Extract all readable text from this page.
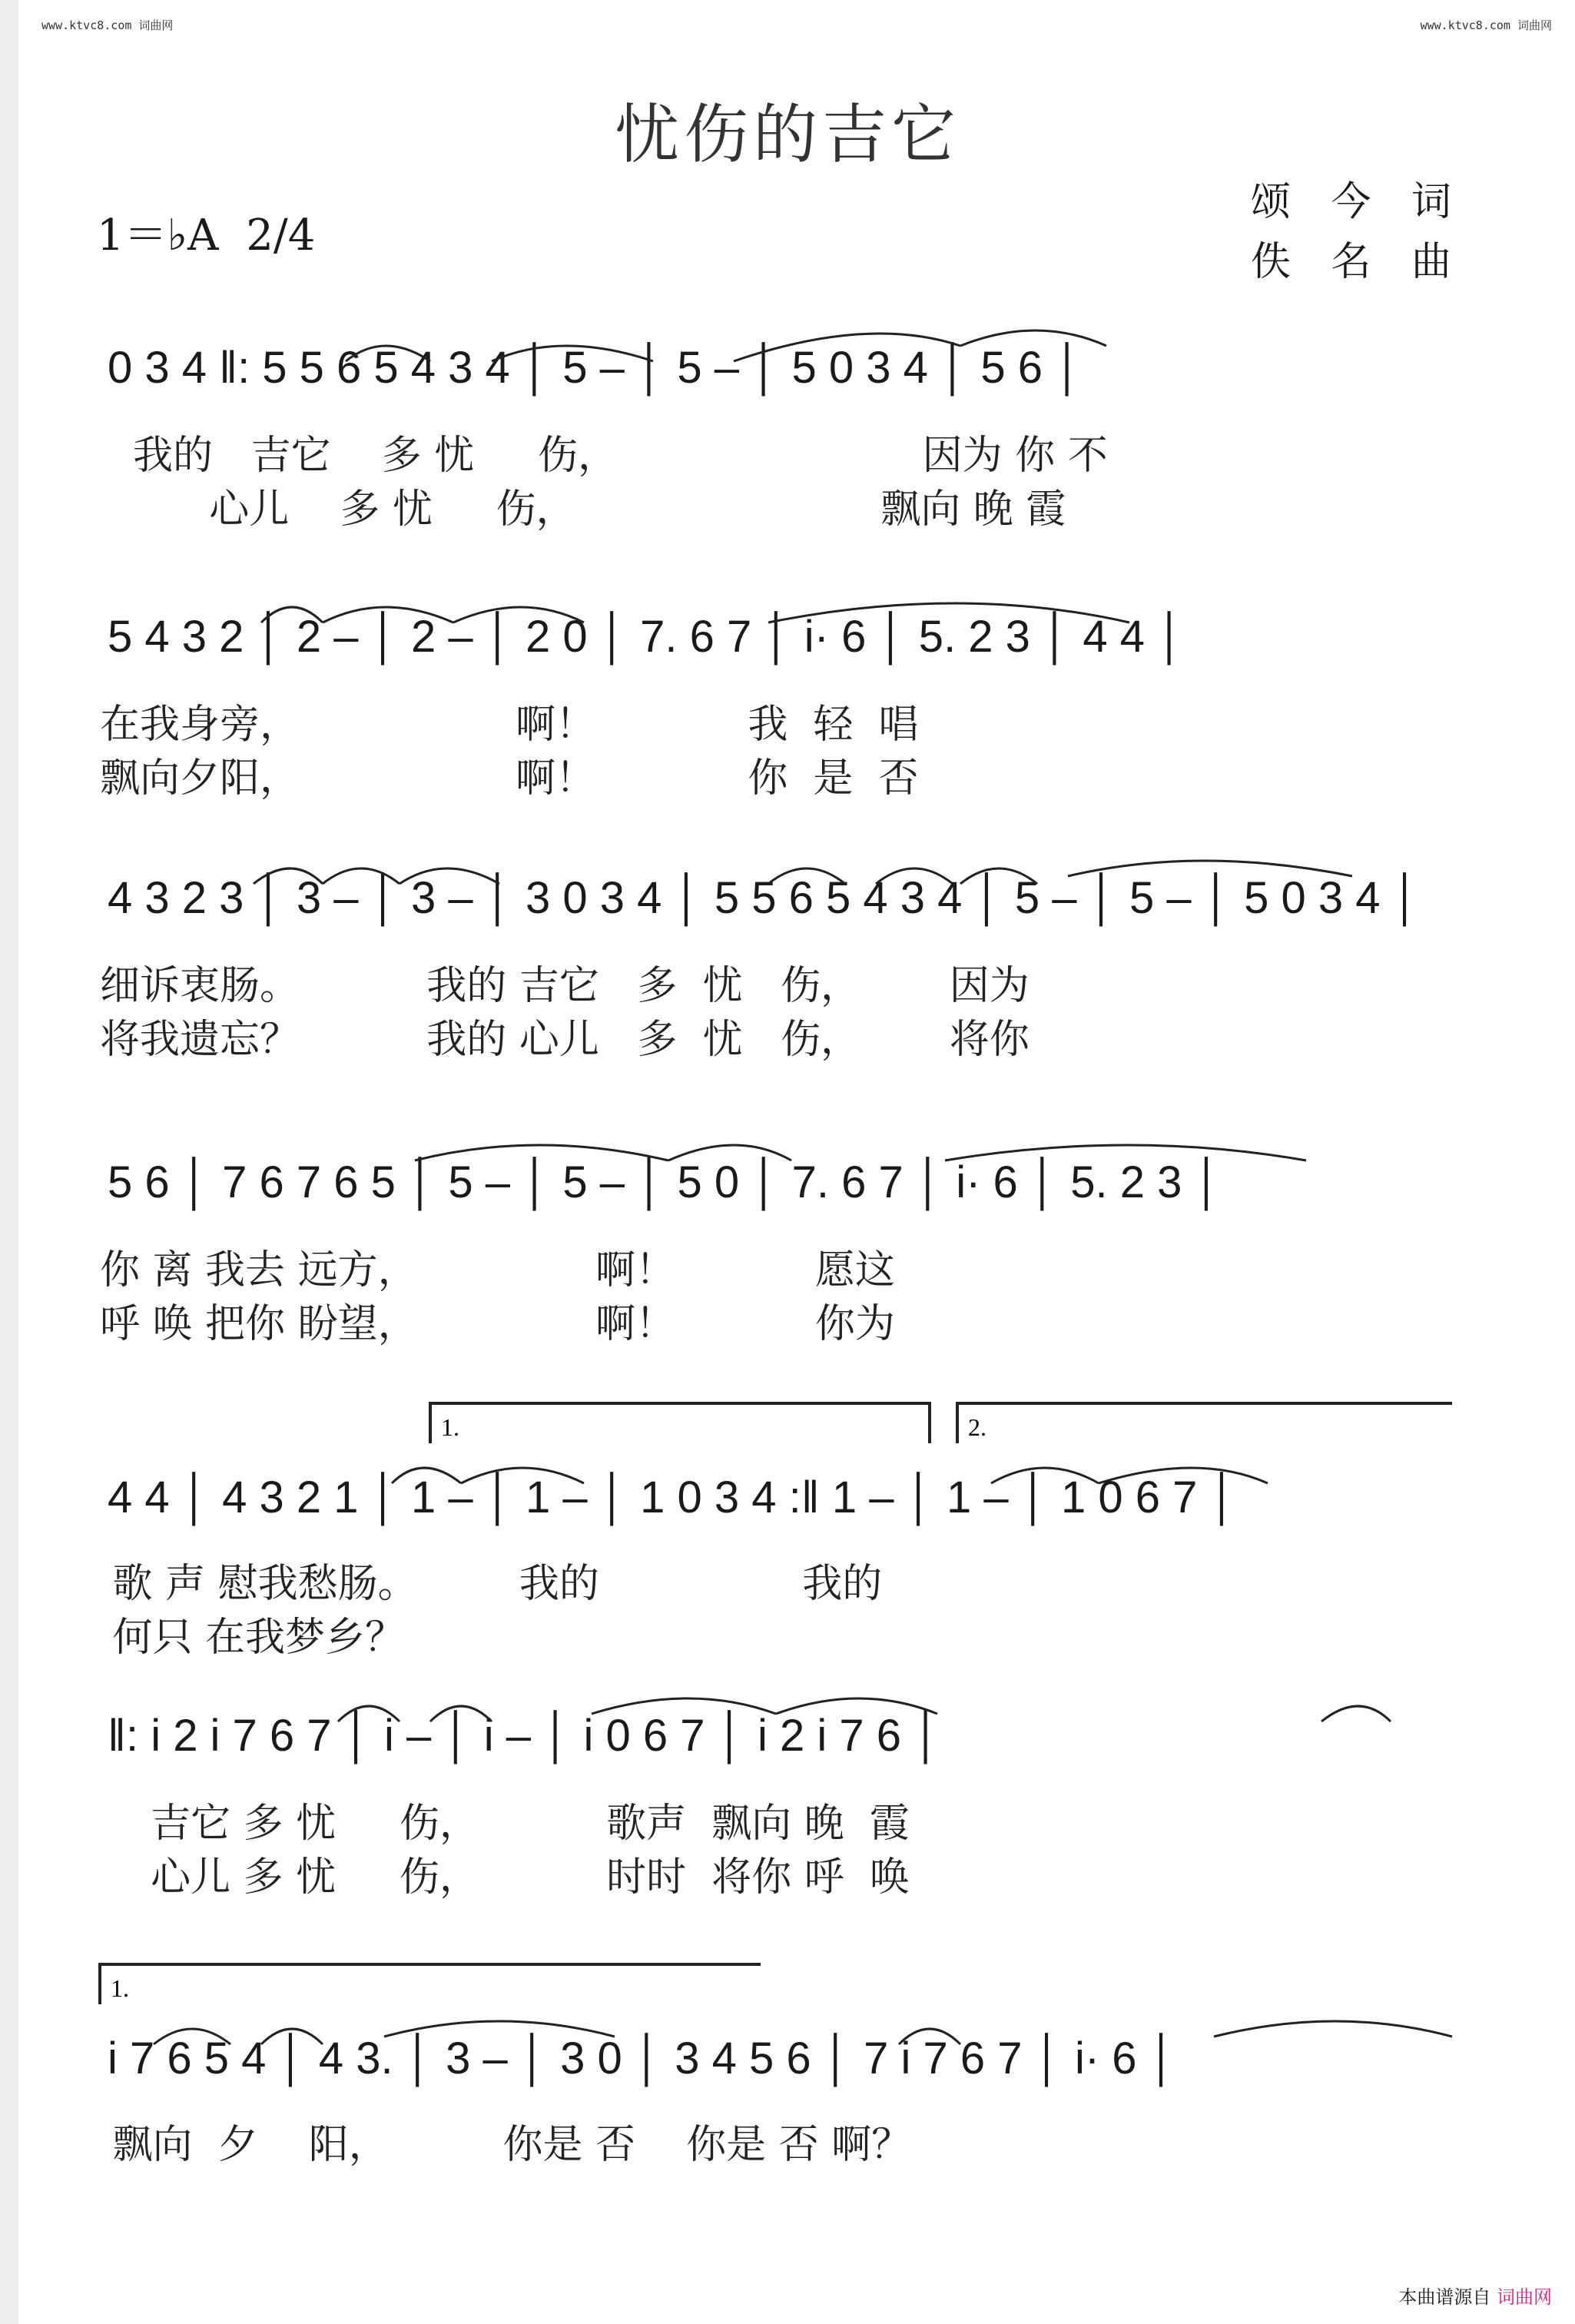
www.ktvc8.com 词曲网	www.ktvc8.com 词曲网
忧伤的吉它
1＝♭A 2/4
颂 今 词
佚 名 曲
0 3 4 ‖: 5 5 6 5 4 3 4 │ 5 – │ 5 – │ 5 0 3 4 │ 5 6 │
我的   吉它    多 忧     伤，                        因为 你 不
心儿    多 忧     伤，                        飘向 晚 霞
5 4 3 2 │ 2 – │ 2 – │ 2 0 │ 7. 6 7 │ i· 6 │ 5. 2 3 │ 4 4 │
在我身旁，                 啊！            我  轻  唱
飘向夕阳，                 啊！            你  是  否
4 3 2 3 │ 3 – │ 3 – │ 3 0 3 4 │ 5 5 6 5 4 3 4 │ 5 – │ 5 – │ 5 0 3 4 │
细诉衷肠。          我的 吉它   多  忧   伤，       因为
将我遗忘？          我的 心儿   多  忧   伤，       将你
5 6 │ 7 6 7 6 5 │ 5 – │ 5 – │ 5 0 │ 7. 6 7 │ i· 6 │ 5. 2 3 │
你 离 我去 远方，              啊！           愿这
呼 唤 把你 盼望，              啊！           你为
1.	2.
4 4 │ 4 3 2 1 │ 1 – │ 1 – │ 1 0 3 4 :‖ 1 – │ 1 – │ 1 0 6 7 │
歌 声 慰我愁肠。        我的                我的
何只 在我梦乡？
‖: i 2 i 7 6 7 │ i – │ i – │ i 0 6 7 │ i 2 i 7 6 │
吉它 多 忧     伤，          歌声  飘向 晚  霞
心儿 多 忧     伤，          时时  将你 呼  唤
1.
i 7 6 5 4 │ 4 3. │ 3 – │ 3 0 │ 3 4 5 6 │ 7 i 7 6 7 │ i· 6 │
飘向  夕    阳，         你是 否    你是 否 啊？
本曲谱源自 词曲网
